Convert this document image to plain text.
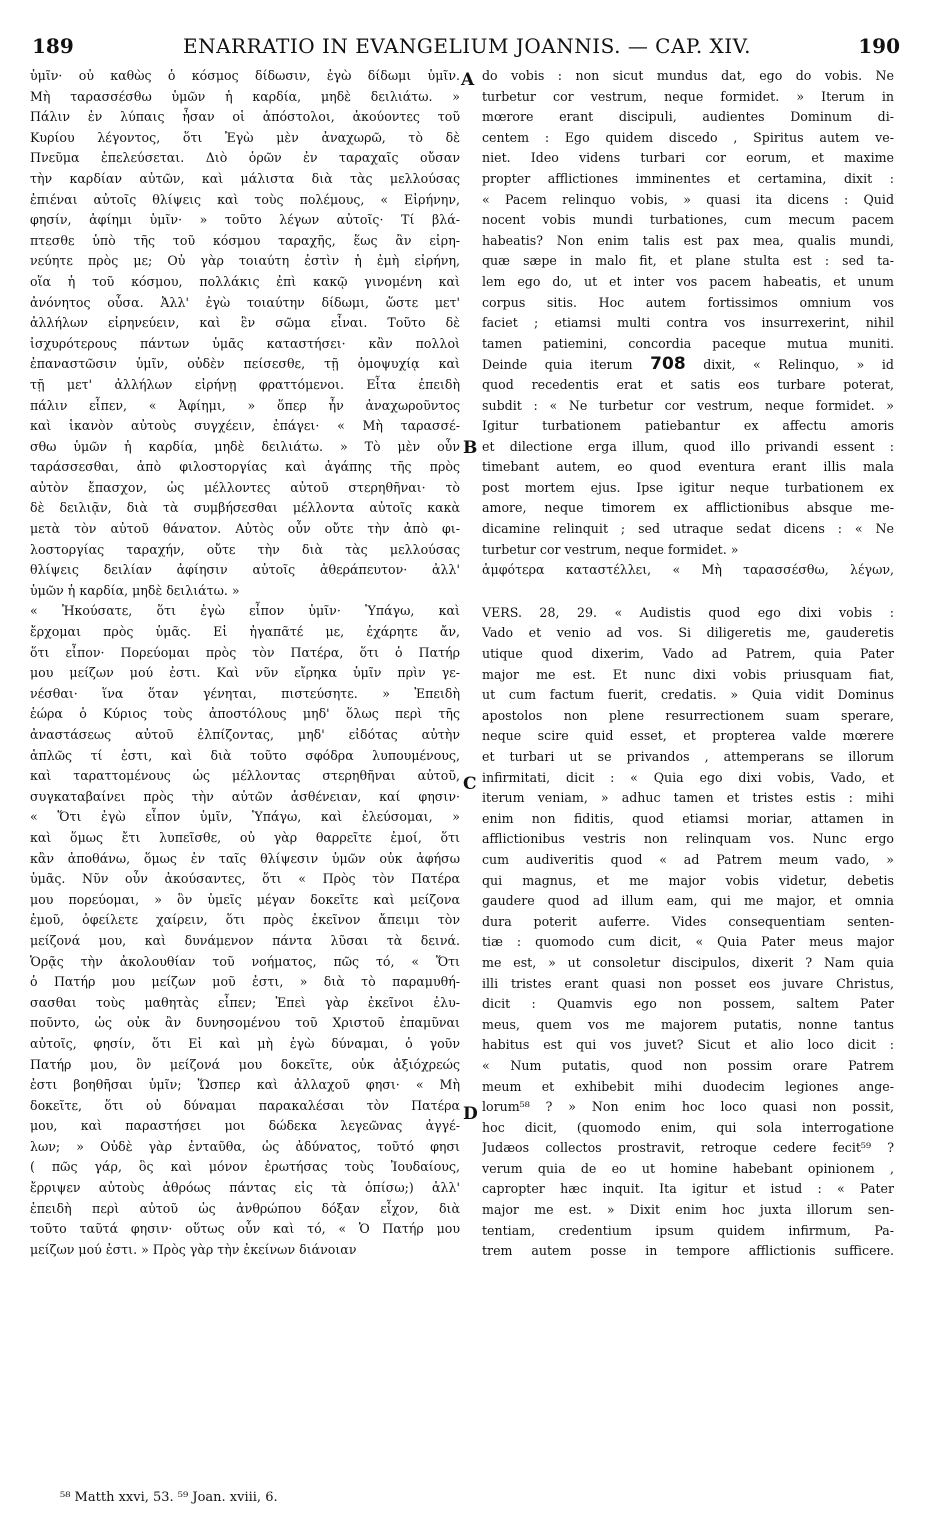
189	ENARRATIO IN EVANGELIUM JOANNIS. — CAP. XIV.	190
ὑμῖν· οὐ καθὼς ὁ κόσμος δίδωσιν, ἐγὼ δίδωμι ὑμῖν.
Μὴ ταρασσέσθω ὑμῶν ἡ καρδία, μηδὲ δειλιάτω. »
Πάλιν ἐν λύπαις ἦσαν οἱ ἀπόστολοι, ἀκούοντες τοῦ
Κυρίου λέγοντος, ὅτι Ἐγὼ μὲν ἀναχωρῶ, τὸ δὲ
Πνεῦμα ἐπελεύσεται. Διὸ ὁρῶν ἐν ταραχαῖς οὔσαν
τὴν καρδίαν αὐτῶν, καὶ μάλιστα διὰ τὰς μελλούσας
ἐπιέναι αὐτοῖς θλίψεις καὶ τοὺς πολέμους, « Εἰρήνην,
φησίν, ἀφίημι ὑμῖν· » τοῦτο λέγων αὐτοῖς· Τί βλά-
πτεσθε ὑπὸ τῆς τοῦ κόσμου ταραχῆς, ἕως ἂν εἰρη-
νεύητε πρὸς με; Οὐ γὰρ τοιαύτη ἐστὶν ἡ ἐμὴ εἰρήνη,
οἵα ἡ τοῦ κόσμου, πολλάκις ἐπὶ κακῷ γινομένη καὶ
ἀνόνητος οὖσα. Ἀλλ' ἐγὼ τοιαύτην δίδωμι, ὥστε μετ'
ἀλλήλων εἰρηνεύειν, καὶ ἓν σῶμα εἶναι. Τοῦτο δὲ
ἰσχυρότερους πάντων ὑμᾶς καταστήσει· κἂν πολλοὶ
ἐπαναστῶσιν ὑμῖν, οὐδὲν πείσεσθε, τῇ ὁμοψυχίᾳ καὶ
τῇ μετ' ἀλλήλων εἰρήνῃ φραττόμενοι. Εἶτα ἐπειδὴ
πάλιν εἶπεν, « Ἀφίημι, » ὅπερ ἦν ἀναχωροῦντος
καὶ ἱκανὸν αὐτοὺς συγχέειν, ἐπάγει· « Μὴ ταρασσέ-
σθω ὑμῶν ἡ καρδία, μηδὲ δειλιάτω. » Τὸ μὲν οὖν
ταράσσεσθαι, ἀπὸ φιλοστοργίας καὶ ἀγάπης τῆς πρὸς
αὐτὸν ἔπασχον, ὡς μέλλοντες αὐτοῦ στερηθῆναι· τὸ
δὲ δειλιᾷν, διὰ τὰ συμβήσεσθαι μέλλοντα αὐτοῖς κακὰ
μετὰ τὸν αὐτοῦ θάνατον. Αὐτὸς οὖν οὔτε τὴν ἀπὸ φι-
λοστοργίας ταραχήν, οὔτε τὴν διὰ τὰς μελλούσας
θλίψεις δειλίαν ἀφίησιν αὐτοῖς ἀθεράπευτον· ἀλλ'
ὑμῶν ἡ καρδία, μηδὲ δειλιάτω. »
« Ἠκούσατε, ὅτι ἐγὼ εἶπον ὑμῖν· Ὑπάγω, καὶ
ἔρχομαι πρὸς ὑμᾶς. Εἰ ἠγαπᾶτέ με, ἐχάρητε ἄν,
ὅτι εἶπον· Πορεύομαι πρὸς τὸν Πατέρα, ὅτι ὁ Πατήρ
μου μείζων μού ἐστι. Καὶ νῦν εἴρηκα ὑμῖν πρὶν γε-
νέσθαι· ἵνα ὅταν γένηται, πιστεύσητε. » Ἐπειδὴ
ἑώρα ὁ Κύριος τοὺς ἀποστόλους μηδ' ὅλως περὶ τῆς
ἀναστάσεως αὐτοῦ ἐλπίζοντας, μηδ' εἰδότας αὐτὴν
ἁπλῶς τί ἐστι, καὶ διὰ τοῦτο σφόδρα λυπουμένους,
καὶ ταραττομένους ὡς μέλλοντας στερηθῆναι αὐτοῦ,
συγκαταβαίνει πρὸς τὴν αὐτῶν ἀσθένειαν, καί φησιν·
« Ὅτι ἐγὼ εἶπον ὑμῖν, Ὑπάγω, καὶ ἐλεύσομαι, »
καὶ ὅμως ἔτι λυπεῖσθε, οὐ γὰρ θαρρεῖτε ἐμοί, ὅτι
κἂν ἀποθάνω, ὅμως ἐν ταῖς θλίψεσιν ὑμῶν οὐκ ἀφήσω
ὑμᾶς. Νῦν οὖν ἀκούσαντες, ὅτι « Πρὸς τὸν Πατέρα
μου πορεύομαι, » ὃν ὑμεῖς μέγαν δοκεῖτε καὶ μείζονα
ἐμοῦ, ὀφείλετε χαίρειν, ὅτι πρὸς ἐκεῖνον ἄπειμι τὸν
μείζονά μου, καὶ δυνάμενον πάντα λῦσαι τὰ δεινά.
Ὁρᾷς τὴν ἀκολουθίαν τοῦ νοήματος, πῶς τό, « Ὅτι
ὁ Πατήρ μου μείζων μοῦ ἐστι, » διὰ τὸ παραμυθή-
σασθαι τοὺς μαθητὰς εἶπεν; Ἐπεὶ γὰρ ἐκεῖνοι ἐλυ-
ποῦντο, ὡς οὐκ ἂν δυνησομένου τοῦ Χριστοῦ ἐπαμῦναι
αὐτοῖς, φησίν, ὅτι Εἰ καὶ μὴ ἐγὼ δύναμαι, ὁ γοῦν
Πατήρ μου, ὃν μείζονά μου δοκεῖτε, οὐκ ἀξιόχρεώς
ἐστι βοηθῆσαι ὑμῖν; Ὥσπερ καὶ ἀλλαχοῦ φησι· « Μὴ
δοκεῖτε, ὅτι οὐ δύναμαι παρακαλέσαι τὸν Πατέρα
μου, καὶ παραστήσει μοι δώδεκα λεγεῶνας ἀγγέ-
λων; » Οὐδὲ γὰρ ἐνταῦθα, ὡς ἀδύνατος, τοῦτό φησι
( πῶς γάρ, ὃς καὶ μόνον ἐρωτήσας τοὺς Ἰουδαίους,
ἔρριψεν αὐτοὺς ἀθρόως πάντας εἰς τὰ ὀπίσω;) ἀλλ'
ἐπειδὴ περὶ αὐτοῦ ὡς ἀνθρώπου δόξαν εἶχον, διὰ
τοῦτο ταῦτά φησιν· οὕτως οὖν καὶ τό, « Ὁ Πατήρ μου
μείζων μού ἐστι. » Πρὸς γὰρ τὴν ἐκείνων διάνοιαν
do vobis : non sicut mundus dat, ego do vobis. Ne
turbetur cor vestrum, neque formidet. » Iterum in
mœrore erant discipuli, audientes Dominum di-
centem : Ego quidem discedo , Spiritus autem ve-
niet. Ideo videns turbari cor eorum, et maxime
propter afflictiones imminentes et certamina, dixit :
« Pacem relinquo vobis, » quasi ita dicens : Quid
nocent vobis mundi turbationes, cum mecum pacem
habeatis? Non enim talis est pax mea, qualis mundi,
quæ sæpe in malo fit, et plane stulta est : sed ta-
lem ego do, ut et inter vos pacem habeatis, et unum
corpus sitis. Hoc autem fortissimos omnium vos
faciet ; etiamsi multi contra vos insurrexerint, nihil
tamen patiemini, concordia paceque mutua muniti.
Deinde quia iterum 708 dixit, « Relinquo, » id
quod recedentis erat et satis eos turbare poterat,
subdit : « Ne turbetur cor vestrum, neque formidet. »
Igitur turbationem patiebantur ex affectu amoris
et dilectione erga illum, quod illo privandi essent :
timebant autem, eo quod eventura erant illis mala
post mortem ejus. Ipse igitur neque turbationem ex
amore, neque timorem ex afflictionibus absque me-
dicamine relinquit ; sed utraque sedat dicens : « Ne
turbetur cor vestrum, neque formidet. »
ἀμφότερα καταστέλλει, « Μὴ ταρασσέσθω, λέγων,
VERS. 28, 29. « Audistis quod ego dixi vobis :
Vado et venio ad vos. Si diligeretis me, gauderetis
utique quod dixerim, Vado ad Patrem, quia Pater
major me est. Et nunc dixi vobis priusquam fiat,
ut cum factum fuerit, credatis. » Quia vidit Dominus
apostolos non plene resurrectionem suam sperare,
neque scire quid esset, et propterea valde mœrere
et turbari ut se privandos , attemperans se illorum
infirmitati, dicit : « Quia ego dixi vobis, Vado, et
iterum veniam, » adhuc tamen et tristes estis : mihi
enim non fiditis, quod etiamsi moriar, attamen in
afflictionibus vestris non relinquam vos. Nunc ergo
cum audiveritis quod « ad Patrem meum vado, »
qui magnus, et me major vobis videtur, debetis
gaudere quod ad illum eam, qui me major, et omnia
dura poterit auferre. Vides consequentiam senten-
tiæ : quomodo cum dicit, « Quia Pater meus major
me est, » ut consoletur discipulos, dixerit ? Nam quia
illi tristes erant quasi non posset eos juvare Christus,
dicit : Quamvis ego non possem, saltem Pater
meus, quem vos me majorem putatis, nonne tantus
habitus est qui vos juvet? Sicut et alio loco dicit :
« Num putatis, quod non possim orare Patrem
meum et exhibebit mihi duodecim legiones ange-
lorum⁵⁸ ? » Non enim hoc loco quasi non possit,
hoc dicit, (quomodo enim, qui sola interrogatione
Judæos collectos prostravit, retroque cedere fecit⁵⁹ ?
verum quia de eo ut homine habebant opinionem ,
capropter hæc inquit. Ita igitur et istud : « Pater
major me est. » Dixit enim hoc juxta illorum sen-
tentiam, credentium ipsum quidem infirmum, Pa-
trem autem posse in tempore afflictionis sufficere.
A
B
C
D
⁵⁸ Matth xxvi, 53. ⁵⁹ Joan. xviii, 6.
